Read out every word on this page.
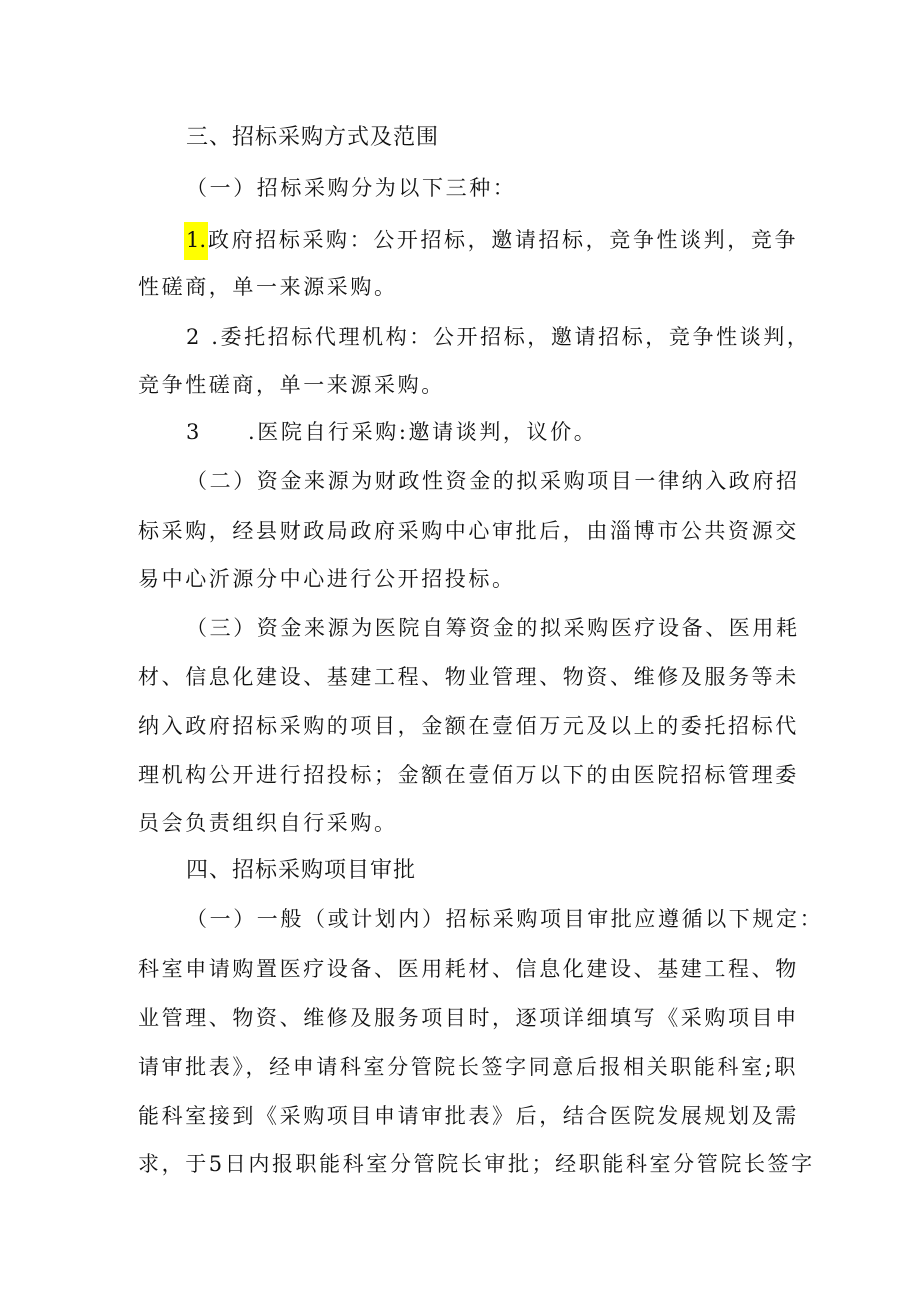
三、招标采购方式及范围
（一）招标采购分为以下三种：
1.政府招标采购：公开招标，邀请招标，竞争性谈判，竞争
性磋商，单一来源采购。
2 .委托招标代理机构：公开招标，邀请招标，竞争性谈判，
竞争性磋商，单一来源采购。
3 .医院自行采购:邀请谈判，议价。
（二）资金来源为财政性资金的拟采购项目一律纳入政府招
标采购，经县财政局政府采购中心审批后，由淄博市公共资源交
易中心沂源分中心进行公开招投标。
（三）资金来源为医院自筹资金的拟采购医疗设备、医用耗
材、信息化建设、基建工程、物业管理、物资、维修及服务等未
纳入政府招标采购的项目，金额在壹佰万元及以上的委托招标代
理机构公开进行招投标；金额在壹佰万以下的由医院招标管理委
员会负责组织自行采购。
四、招标采购项目审批
（一）一般（或计划内）招标采购项目审批应遵循以下规定：
科室申请购置医疗设备、医用耗材、信息化建设、基建工程、物
业管理、物资、维修及服务项目时，逐项详细填写《采购项目申
请审批表》，经申请科室分管院长签字同意后报相关职能科室;职
能科室接到《采购项目申请审批表》后，结合医院发展规划及需
求，于5日内报职能科室分管院长审批；经职能科室分管院长签字
